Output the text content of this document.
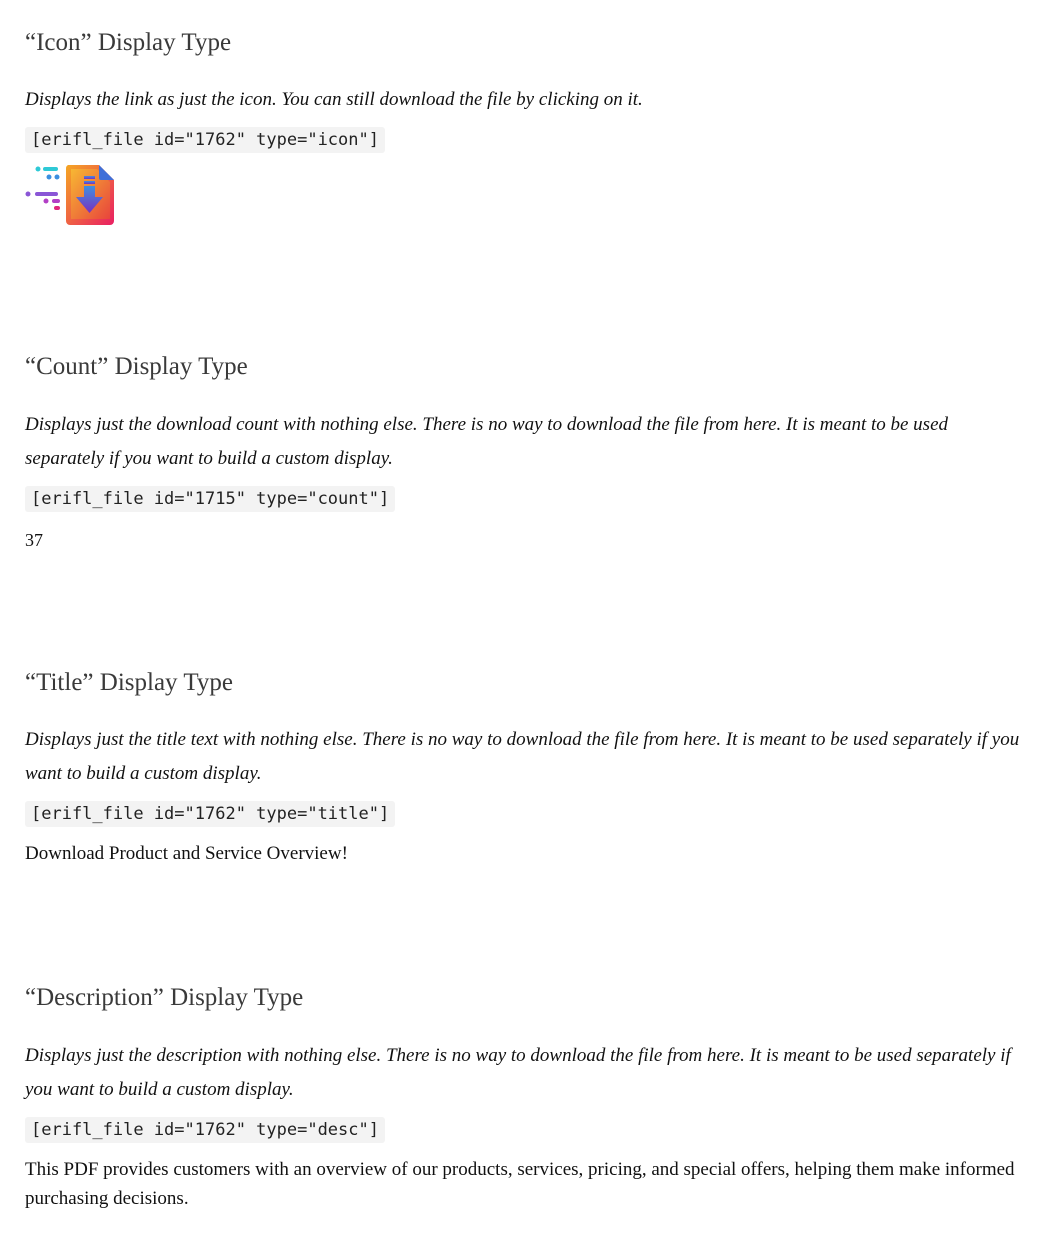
“Icon” Display Type

Displays the link as just the icon. You can still download the file by clicking on it.

[erifl_file id="1762" type="icon"]
“Count” Display Type

Displays just the download count with nothing else. There is no way to download the file from here. It is meant to be used separately if you want to build a custom display.

[erifl_file id="1715" type="count"]

37

“Title” Display Type

Displays just the title text with nothing else. There is no way to download the file from here. It is meant to be used separately if you want to build a custom display.

[erifl_file id="1762" type="title"]

Download Product and Service Overview!

“Description” Display Type

Displays just the description with nothing else. There is no way to download the file from here. It is meant to be used separately if you want to build a custom display.

[erifl_file id="1762" type="desc"]

This PDF provides customers with an overview of our products, services, pricing, and special offers, helping them make informed purchasing decisions.
